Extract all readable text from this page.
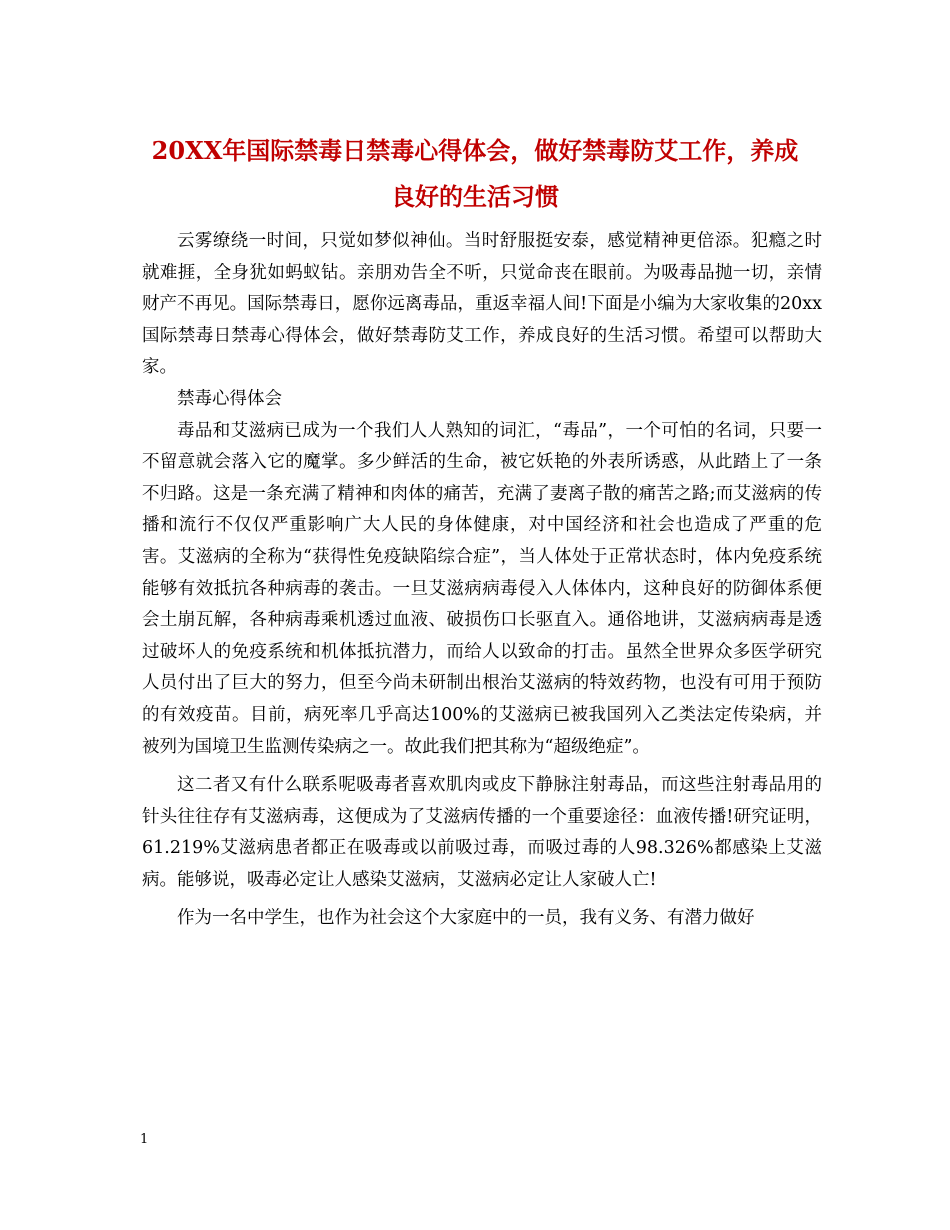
20XX年国际禁毒日禁毒心得体会，做好禁毒防艾工作，养成
良好的生活习惯

云雾缭绕一时间，只觉如梦似神仙。当时舒服挺安泰，感觉精神更倍添。犯瘾之时就难捱，全身犹如蚂蚁钻。亲朋劝告全不听，只觉命丧在眼前。为吸毒品抛一切，亲情财产不再见。国际禁毒日，愿你远离毒品，重返幸福人间!下面是小编为大家收集的20xx国际禁毒日禁毒心得体会，做好禁毒防艾工作，养成良好的生活习惯。希望可以帮助大家。

禁毒心得体会

毒品和艾滋病已成为一个我们人人熟知的词汇，“毒品”，一个可怕的名词，只要一不留意就会落入它的魔掌。多少鲜活的生命，被它妖艳的外表所诱惑，从此踏上了一条不归路。这是一条充满了精神和肉体的痛苦，充满了妻离子散的痛苦之路;而艾滋病的传播和流行不仅仅严重影响广大人民的身体健康，对中国经济和社会也造成了严重的危害。艾滋病的全称为“获得性免疫缺陷综合症”，当人体处于正常状态时，体内免疫系统能够有效抵抗各种病毒的袭击。一旦艾滋病病毒侵入人体体内，这种良好的防御体系便会土崩瓦解，各种病毒乘机透过血液、破损伤口长驱直入。通俗地讲，艾滋病病毒是透过破坏人的免疫系统和机体抵抗潜力，而给人以致命的打击。虽然全世界众多医学研究人员付出了巨大的努力，但至今尚未研制出根治艾滋病的特效药物，也没有可用于预防的有效疫苗。目前，病死率几乎高达100%的艾滋病已被我国列入乙类法定传染病，并被列为国境卫生监测传染病之一。故此我们把其称为“超级绝症”。

这二者又有什么联系呢吸毒者喜欢肌肉或皮下静脉注射毒品，而这些注射毒品用的针头往往存有艾滋病毒，这便成为了艾滋病传播的一个重要途径：血液传播!研究证明，61.219%艾滋病患者都正在吸毒或以前吸过毒，而吸过毒的人98.326%都感染上艾滋病。能够说，吸毒必定让人感染艾滋病，艾滋病必定让人家破人亡!

作为一名中学生，也作为社会这个大家庭中的一员，我有义务、有潜力做好

1
